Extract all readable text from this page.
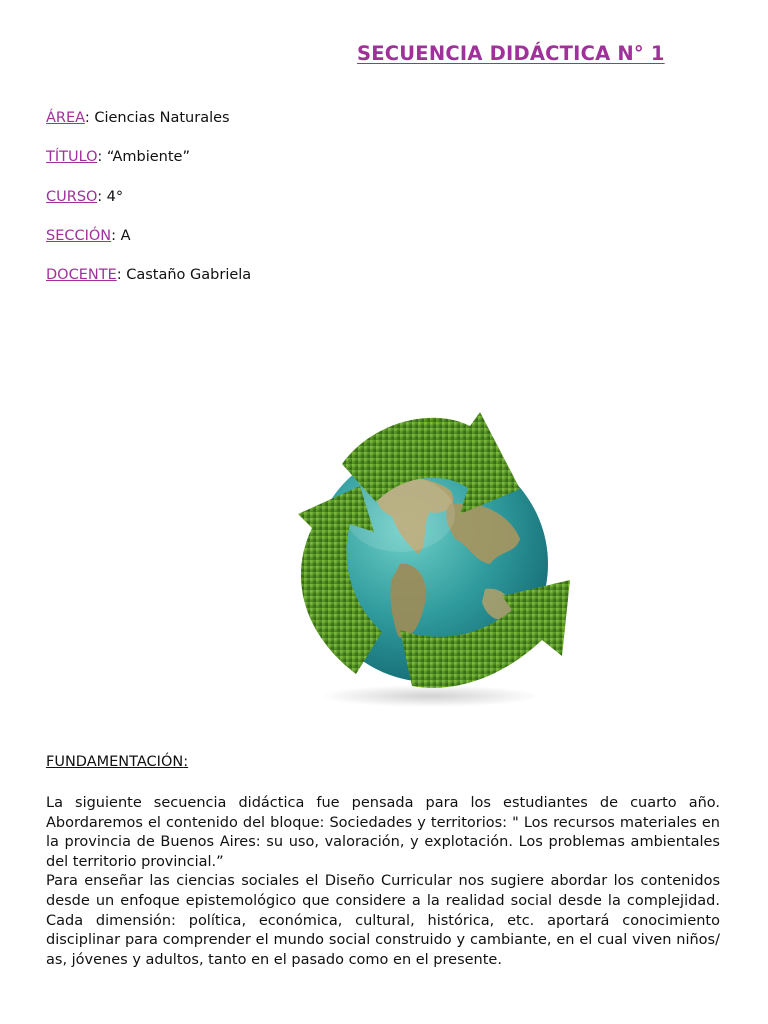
SECUENCIA DIDÁCTICA N° 1
ÁREA: Ciencias Naturales
TÍTULO: “Ambiente”
CURSO: 4°
SECCIÓN: A
DOCENTE: Castaño Gabriela
FUNDAMENTACIÓN:

La siguiente secuencia didáctica fue pensada para los estudiantes de cuarto año. Abordaremos el contenido del bloque: Sociedades y territorios: " Los recursos materiales en la provincia de Buenos Aires: su uso, valoración, y explotación. Los problemas ambientales del territorio provincial.”

Para enseñar las ciencias sociales el Diseño Curricular nos sugiere abordar los contenidos desde un enfoque epistemológico que considere a la realidad social desde la complejidad. Cada dimensión: política, económica, cultural, histórica, etc. aportará conocimiento disciplinar para comprender el mundo social construido y cambiante, en el cual viven niños/ as, jóvenes y adultos, tanto en el pasado como en el presente.
